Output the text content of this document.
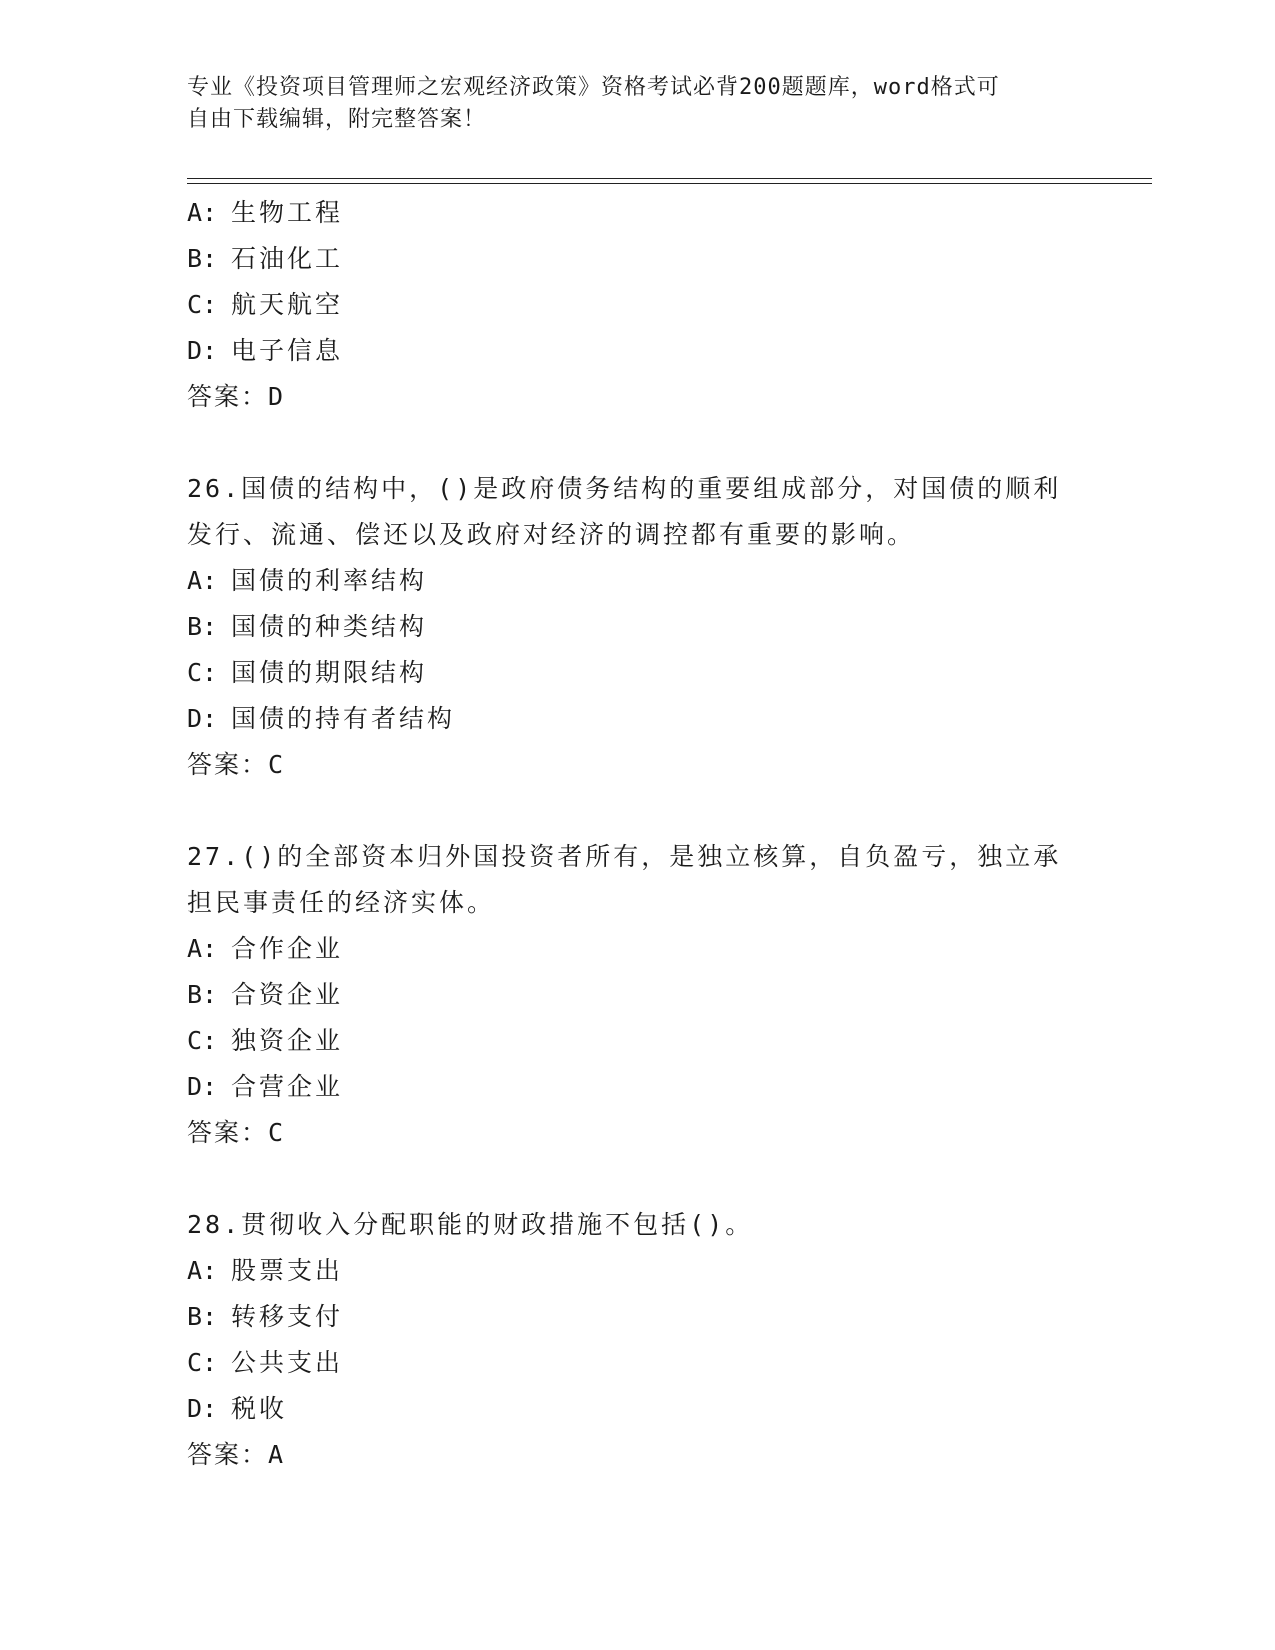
专业《投资项目管理师之宏观经济政策》资格考试必背200题题库，word格式可
自由下载编辑，附完整答案！
A: 生物工程
B: 石油化工
C: 航天航空
D: 电子信息
答案：D
26.国债的结构中，()是政府债务结构的重要组成部分，对国债的顺利
发行、流通、偿还以及政府对经济的调控都有重要的影响。
A: 国债的利率结构
B: 国债的种类结构
C: 国债的期限结构
D: 国债的持有者结构
答案：C
27.()的全部资本归外国投资者所有，是独立核算，自负盈亏，独立承
担民事责任的经济实体。
A: 合作企业
B: 合资企业
C: 独资企业
D: 合营企业
答案：C
28.贯彻收入分配职能的财政措施不包括()。
A: 股票支出
B: 转移支付
C: 公共支出
D: 税收
答案：A
